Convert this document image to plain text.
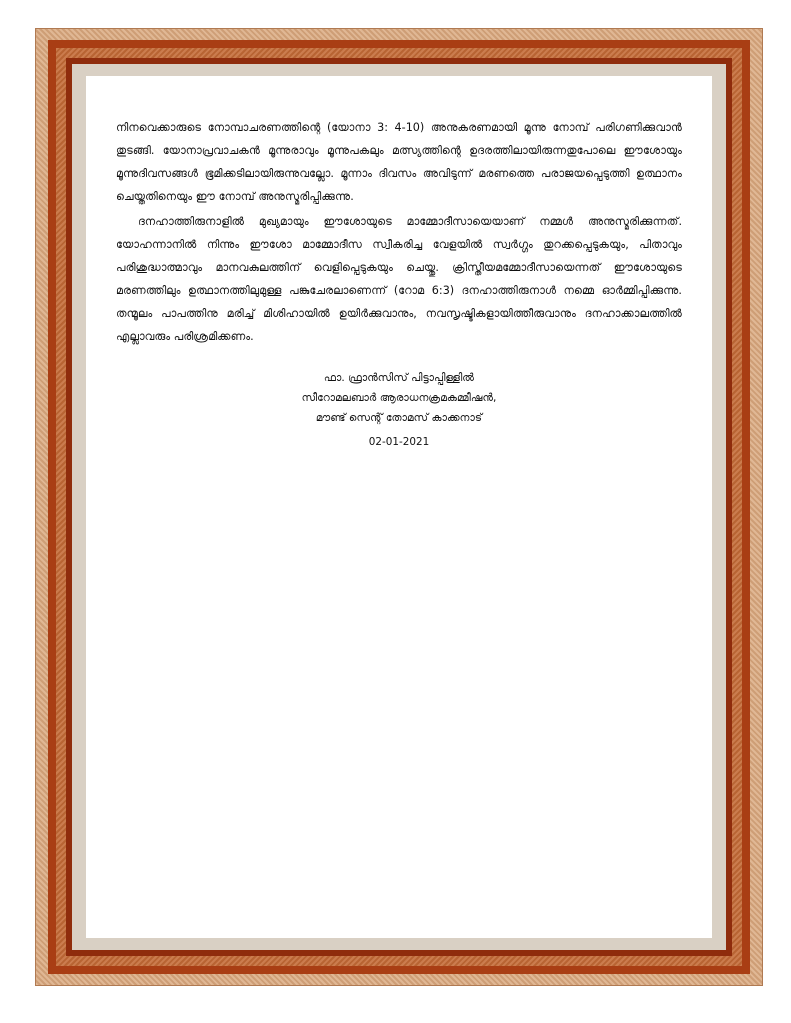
നിനവെക്കാരുടെ നോമ്പാചരണത്തിന്റെ (യോനാ 3: 4-10) അനുകരണമായി മൂന്നു നോമ്പ് പരിഗണിക്കുവാൻ തുടങ്ങി. യോനാപ്രവാചകൻ മൂന്നുരാവും മൂന്നുപകലും മത്സ്യത്തിന്റെ ഉദരത്തിലായിരുന്നതുപോലെ ഈശോയും മൂന്നുദിവസങ്ങൾ ഭൂമിക്കടിലായിരുന്നുവല്ലോ. മൂന്നാം ദിവസം അവിടുന്ന് മരണത്തെ പരാജയപ്പെടുത്തി ഉത്ഥാനം ചെയ്തതിനെയും ഈ നോമ്പ് അനുസ്മരിപ്പിക്കുന്നു.

ദനഹാത്തിരുനാളിൽ മുഖ്യമായും ഈശോയുടെ മാമ്മോദീസായെയാണ് നമ്മൾ അനുസ്മരിക്കുന്നത്. യോഹന്നാനിൽ നിന്നും ഈശോ മാമ്മോദീസ സ്വീകരിച്ച വേളയിൽ സ്വർഗ്ഗം തുറക്കപ്പെടുകയും, പിതാവും പരിശുദ്ധാത്മാവും മാനവകുലത്തിന് വെളിപ്പെടുകയും ചെയ്തു. ക്രിസ്തീയമമ്മോദീസായെന്നത് ഈശോയുടെ മരണത്തിലും ഉത്ഥാനത്തിലുമുള്ള പങ്കുചേരലാണെന്ന് (റോമ 6:3) ദനഹാത്തിരുനാൾ നമ്മെ ഓർമ്മിപ്പിക്കുന്നു. തന്മൂലം പാപത്തിനു മരിച്ച് മിശിഹായിൽ ഉയിർക്കുവാനും, നവസൃഷ്ടികളായിത്തീരുവാനും ദനഹാക്കാലത്തിൽ എല്ലാവരും പരിശ്രമിക്കണം.

ഫാ. ഫ്രാൻസിസ് പിട്ടാപ്പിള്ളിൽ
സീറോമലബാർ ആരാധനക്രമകമ്മീഷൻ,
മൗണ്ട് സെന്റ് തോമസ് കാക്കനാട്
02-01-2021
